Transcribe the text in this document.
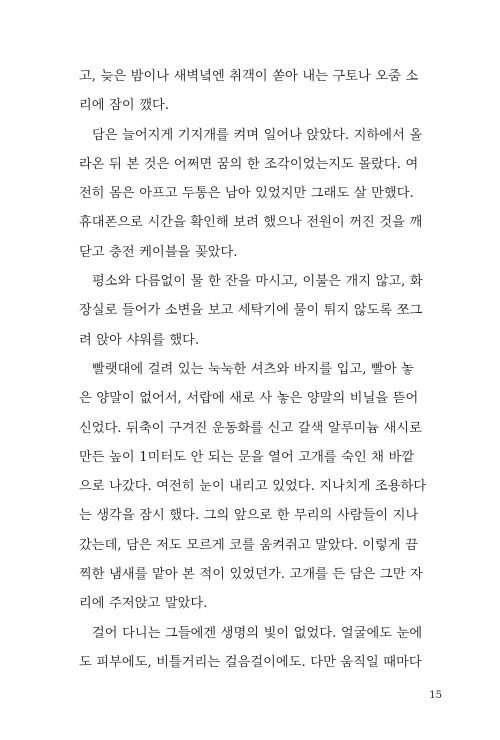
고, 늦은 밤이나 새벽녘엔 취객이 쏟아 내는 구토나 오줌 소
리에 잠이 깼다.
담은 늘어지게 기지개를 켜며 일어나 앉았다. 지하에서 올
라온 뒤 본 것은 어쩌면 꿈의 한 조각이었는지도 몰랐다. 여
전히 몸은 아프고 두통은 남아 있었지만 그래도 살 만했다.
휴대폰으로 시간을 확인해 보려 했으나 전원이 꺼진 것을 깨
닫고 충전 케이블을 꽂았다.
평소와 다름없이 물 한 잔을 마시고, 이불은 개지 않고, 화
장실로 들어가 소변을 보고 세탁기에 물이 튀지 않도록 쪼그
려 앉아 샤워를 했다.
빨랫대에 걸려 있는 눅눅한 셔츠와 바지를 입고, 빨아 놓
은 양말이 없어서, 서랍에 새로 사 놓은 양말의 비닐을 뜯어
신었다. 뒤축이 구겨진 운동화를 신고 갈색 알루미늄 새시로
만든 높이 1미터도 안 되는 문을 열어 고개를 숙인 채 바깥
으로 나갔다. 여전히 눈이 내리고 있었다. 지나치게 조용하다
는 생각을 잠시 했다. 그의 앞으로 한 무리의 사람들이 지나
갔는데, 담은 저도 모르게 코를 움켜쥐고 말았다. 이렇게 끔
찍한 냄새를 맡아 본 적이 있었던가. 고개를 든 담은 그만 자
리에 주저앉고 말았다.
걸어 다니는 그들에겐 생명의 빛이 없었다. 얼굴에도 눈에
도 피부에도, 비틀거리는 걸음걸이에도. 다만 움직일 때마다
15
